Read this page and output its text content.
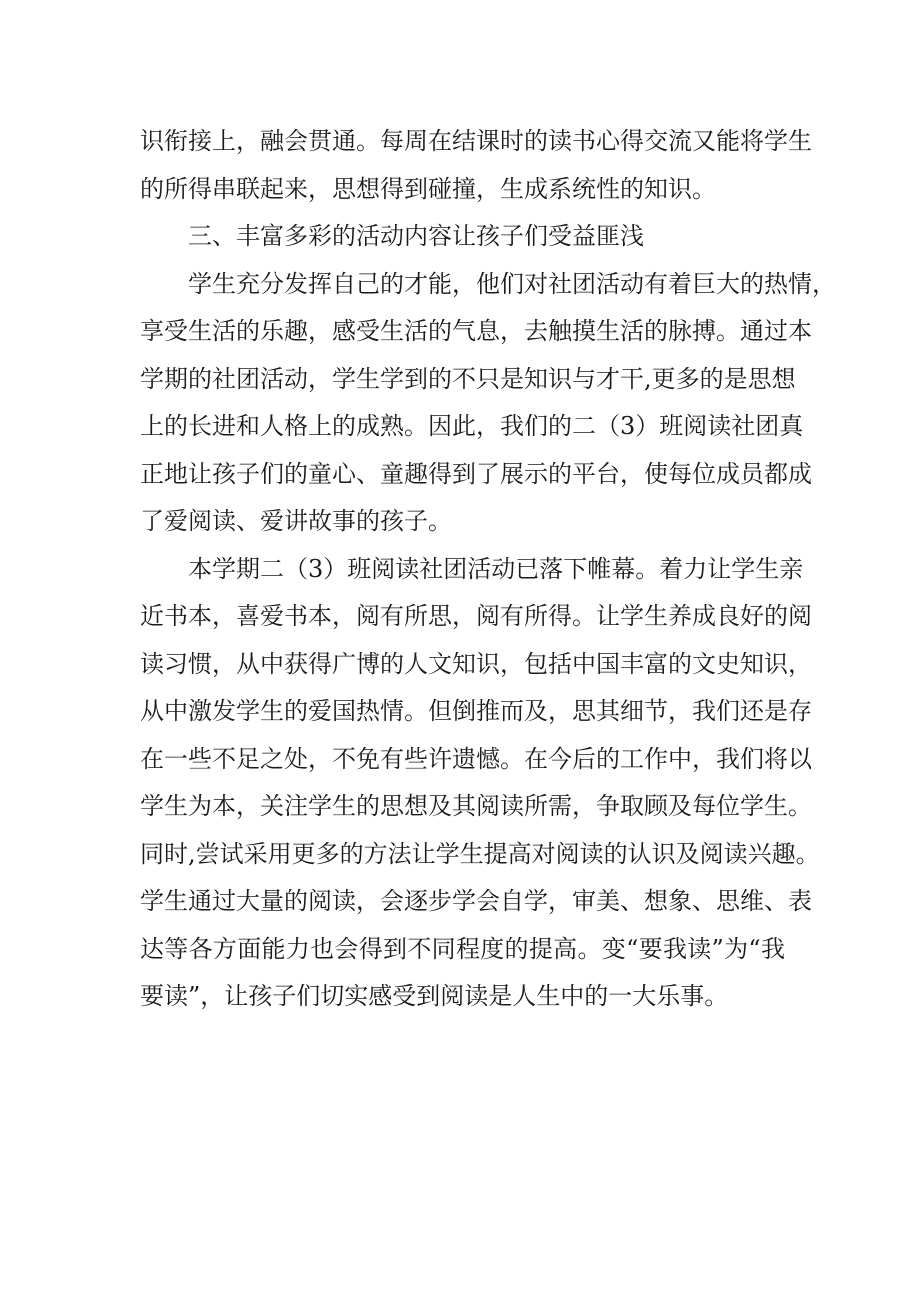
识衔接上，融会贯通。每周在结课时的读书心得交流又能将学生
的所得串联起来，思想得到碰撞，生成系统性的知识。
三、丰富多彩的活动内容让孩子们受益匪浅
学生充分发挥自己的才能，他们对社团活动有着巨大的热情，
享受生活的乐趣，感受生活的气息，去触摸生活的脉搏。通过本
学期的社团活动，学生学到的不只是知识与才干,更多的是思想
上的长进和人格上的成熟。因此，我们的二（3）班阅读社团真
正地让孩子们的童心、童趣得到了展示的平台，使每位成员都成
了爱阅读、爱讲故事的孩子。
本学期二（3）班阅读社团活动已落下帷幕。着力让学生亲
近书本，喜爱书本，阅有所思，阅有所得。让学生养成良好的阅
读习惯，从中获得广博的人文知识，包括中国丰富的文史知识，
从中激发学生的爱国热情。但倒推而及，思其细节，我们还是存
在一些不足之处，不免有些许遗憾。在今后的工作中，我们将以
学生为本，关注学生的思想及其阅读所需，争取顾及每位学生。
同时,尝试采用更多的方法让学生提高对阅读的认识及阅读兴趣。
学生通过大量的阅读，会逐步学会自学，审美、想象、思维、表
达等各方面能力也会得到不同程度的提高。变“要我读”为“我
要读”，让孩子们切实感受到阅读是人生中的一大乐事。
